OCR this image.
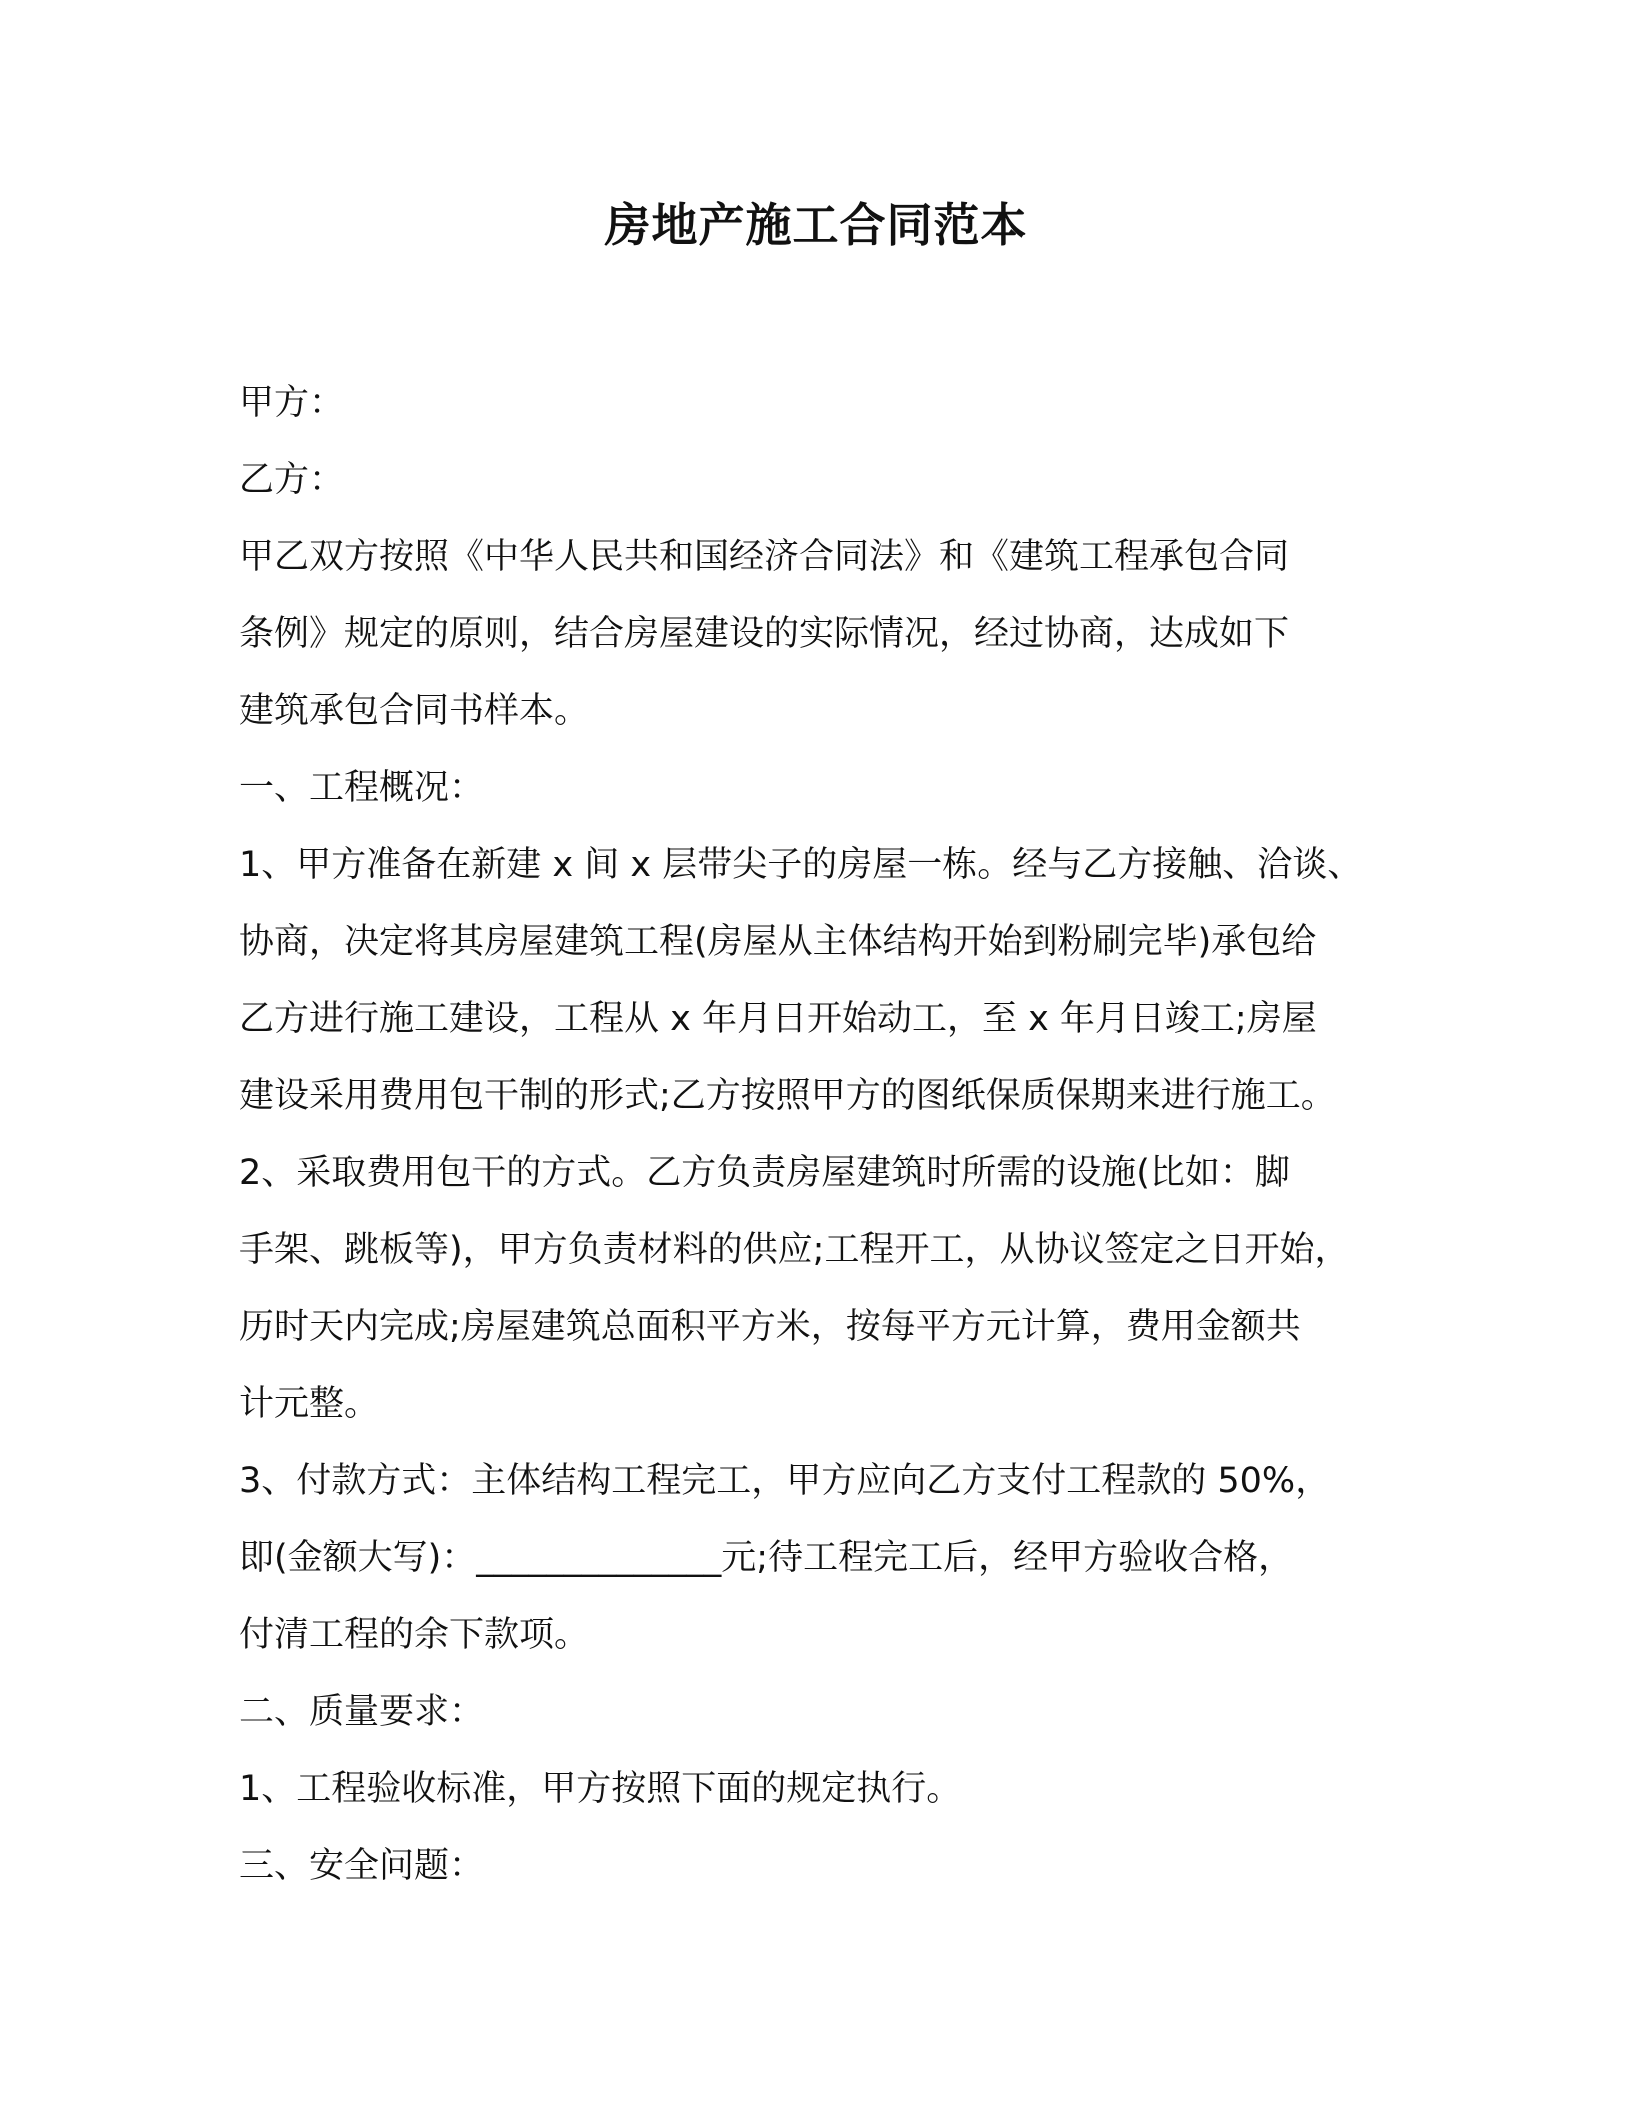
房地产施工合同范本

甲方：

乙方：

甲乙双方按照《中华人民共和国经济合同法》和《建筑工程承包合同

条例》规定的原则，结合房屋建设的实际情况，经过协商，达成如下

建筑承包合同书样本。

一、工程概况：

1、甲方准备在新建 x 间 x 层带尖子的房屋一栋。经与乙方接触、洽谈、

协商，决定将其房屋建筑工程(房屋从主体结构开始到粉刷完毕)承包给

乙方进行施工建设，工程从 x 年月日开始动工，至 x 年月日竣工;房屋

建设采用费用包干制的形式;乙方按照甲方的图纸保质保期来进行施工。

2、采取费用包干的方式。乙方负责房屋建筑时所需的设施(比如：脚

手架、跳板等)，甲方负责材料的供应;工程开工，从协议签定之日开始，

历时天内完成;房屋建筑总面积平方米，按每平方元计算，费用金额共

计元整。

3、付款方式：主体结构工程完工，甲方应向乙方支付工程款的 50%，

即(金额大写)：______________元;待工程完工后，经甲方验收合格，

付清工程的余下款项。

二、质量要求：

1、工程验收标准，甲方按照下面的规定执行。

三、安全问题：
